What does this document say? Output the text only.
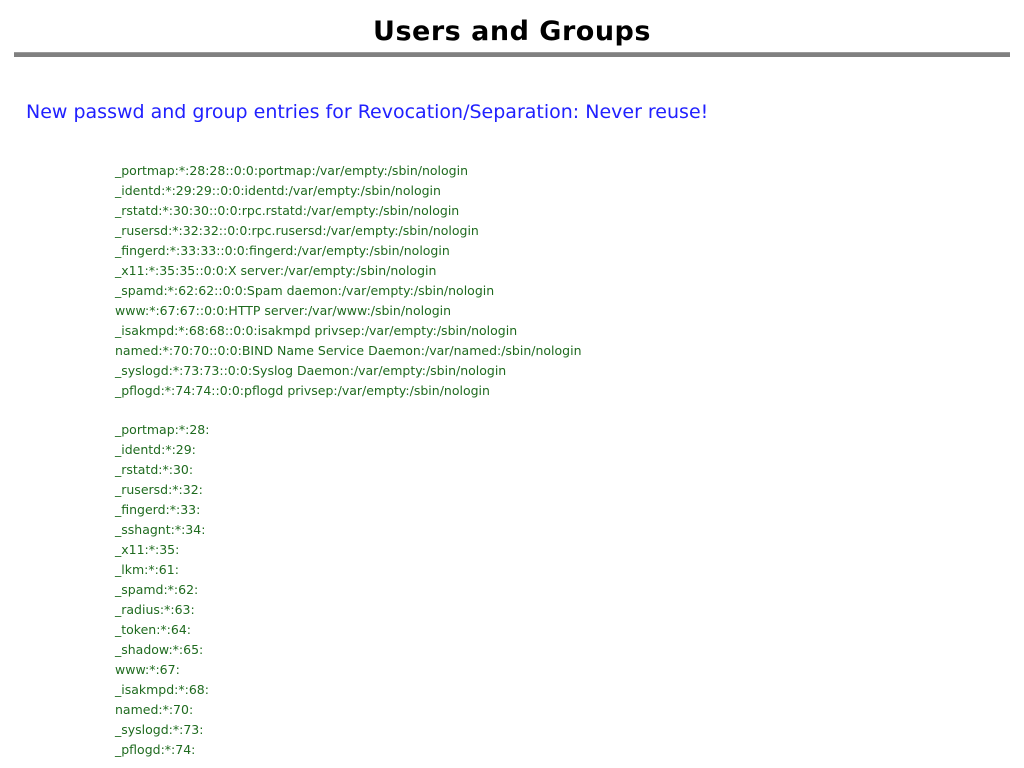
Users and Groups
New passwd and group entries for Revocation/Separation: Never reuse!
_portmap:*:28:28::0:0:portmap:/var/empty:/sbin/nologin
_identd:*:29:29::0:0:identd:/var/empty:/sbin/nologin
_rstatd:*:30:30::0:0:rpc.rstatd:/var/empty:/sbin/nologin
_rusersd:*:32:32::0:0:rpc.rusersd:/var/empty:/sbin/nologin
_fingerd:*:33:33::0:0:fingerd:/var/empty:/sbin/nologin
_x11:*:35:35::0:0:X server:/var/empty:/sbin/nologin
_spamd:*:62:62::0:0:Spam daemon:/var/empty:/sbin/nologin
www:*:67:67::0:0:HTTP server:/var/www:/sbin/nologin
_isakmpd:*:68:68::0:0:isakmpd privsep:/var/empty:/sbin/nologin
named:*:70:70::0:0:BIND Name Service Daemon:/var/named:/sbin/nologin
_syslogd:*:73:73::0:0:Syslog Daemon:/var/empty:/sbin/nologin
_pflogd:*:74:74::0:0:pflogd privsep:/var/empty:/sbin/nologin
_portmap:*:28:
_identd:*:29:
_rstatd:*:30:
_rusersd:*:32:
_fingerd:*:33:
_sshagnt:*:34:
_x11:*:35:
_lkm:*:61:
_spamd:*:62:
_radius:*:63:
_token:*:64:
_shadow:*:65:
www:*:67:
_isakmpd:*:68:
named:*:70:
_syslogd:*:73:
_pflogd:*:74:
